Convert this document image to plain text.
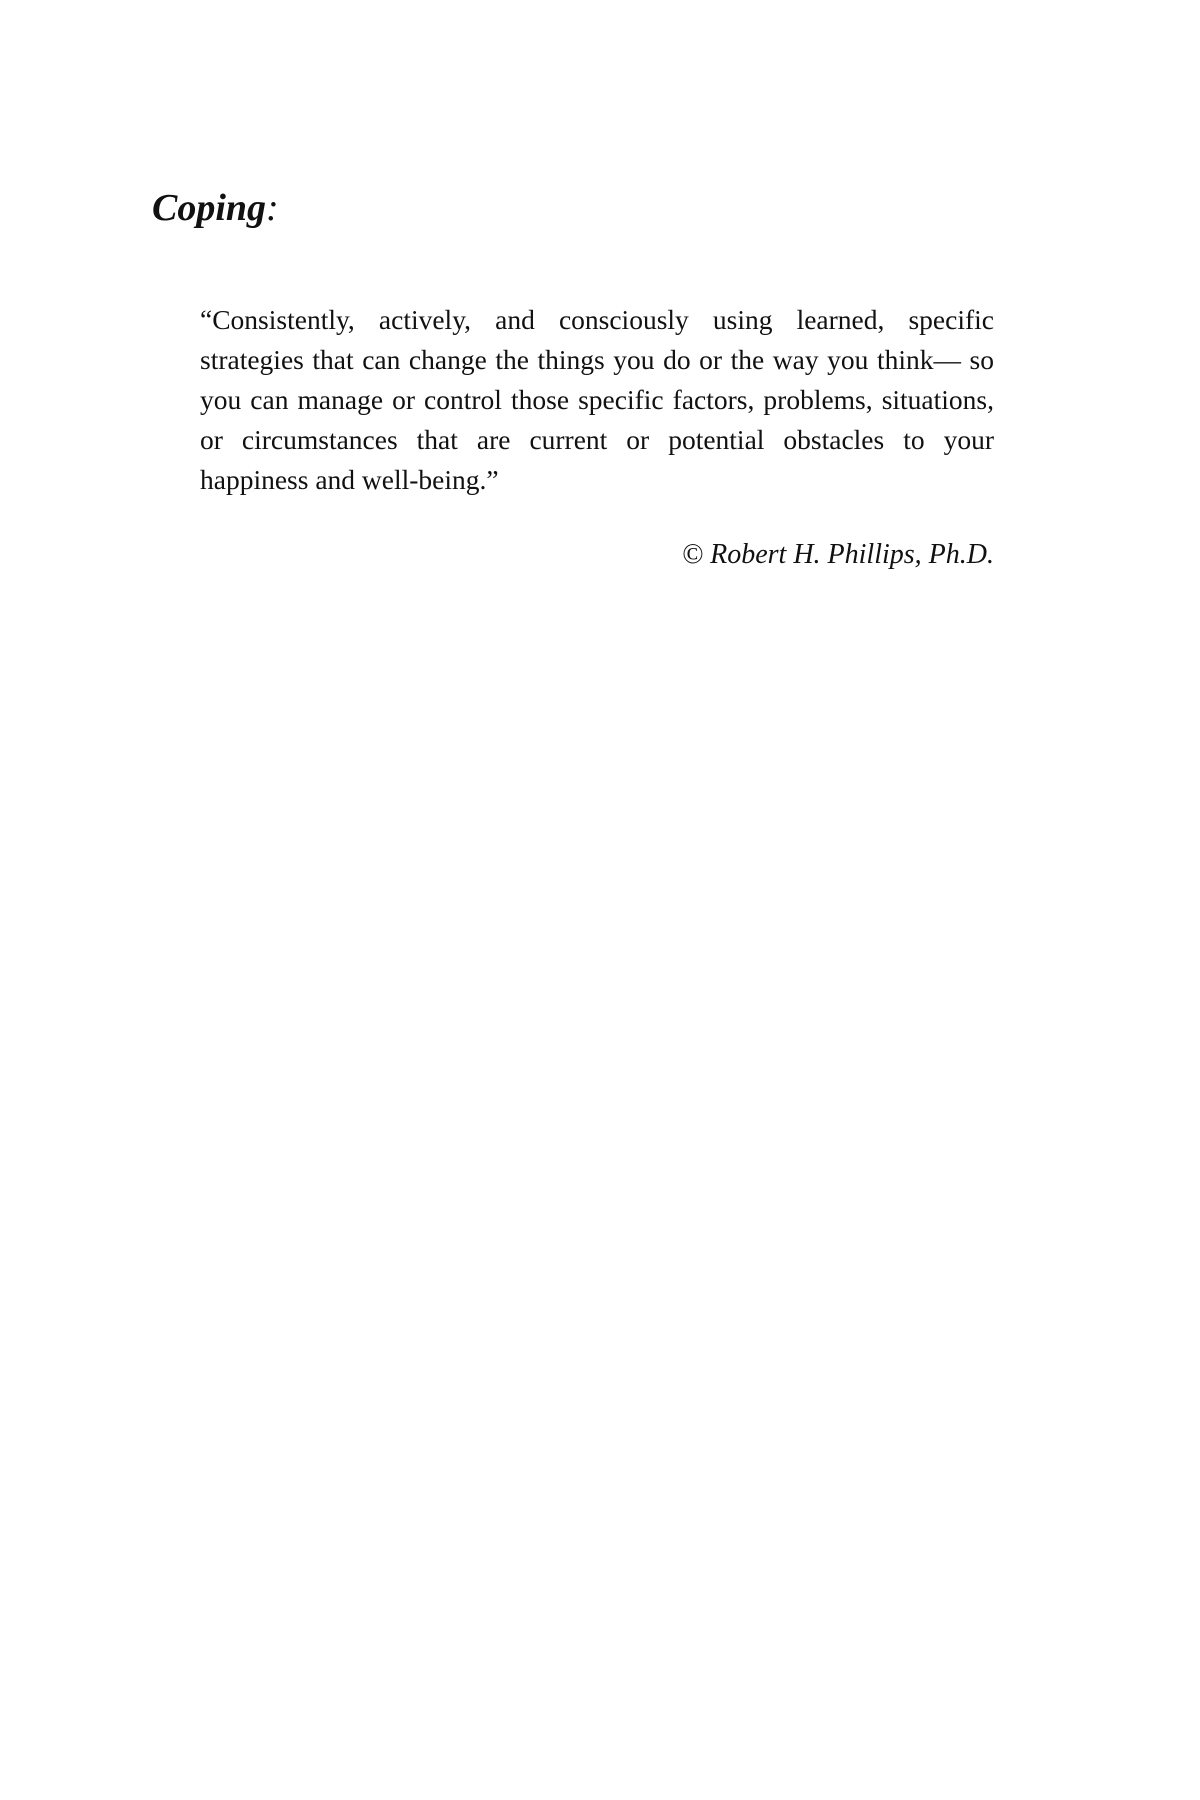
Coping:

“Consistently, actively, and consciously using learned, specific strategies that can change the things you do or the way you think— so you can manage or control those specific factors, problems, situations, or circumstances that are current or potential obstacles to your happiness and well-being.”

© Robert H. Phillips, Ph.D.
